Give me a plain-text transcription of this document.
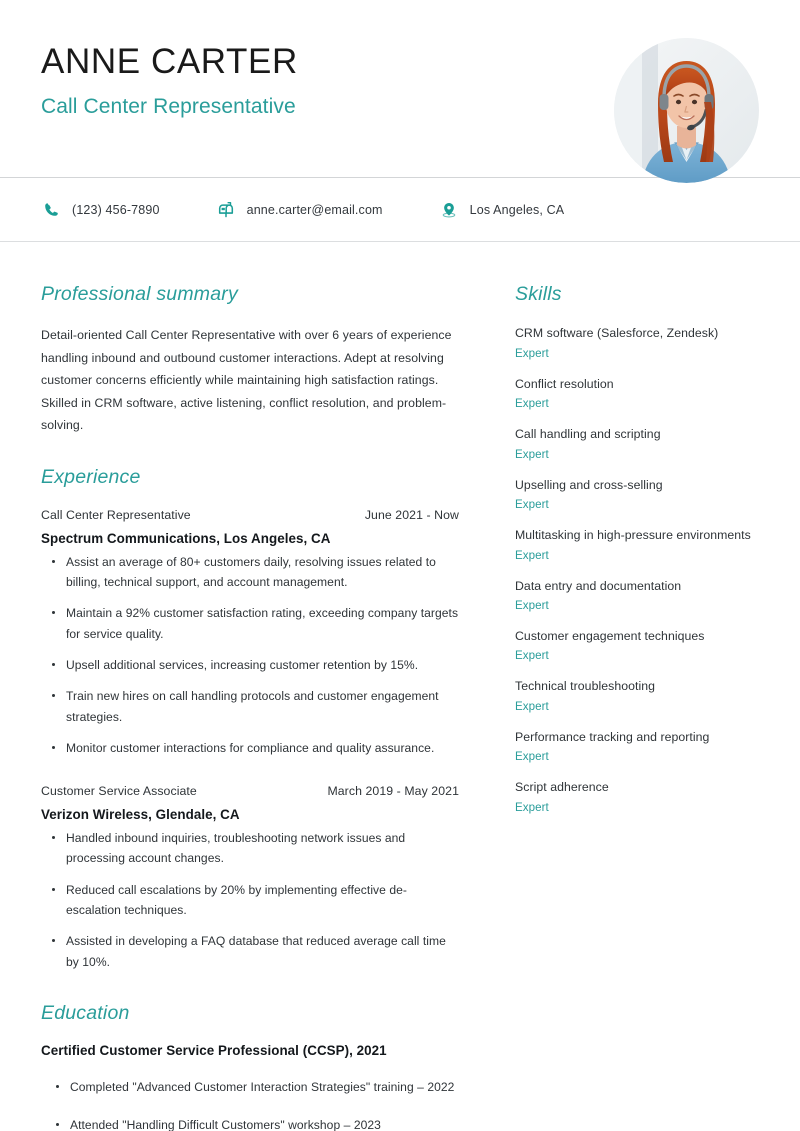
ANNE CARTER
Call Center Representative
(123) 456-7890	anne.carter@email.com	Los Angeles, CA
Professional summary

Detail-oriented Call Center Representative with over 6 years of experience handling inbound and outbound customer interactions. Adept at resolving customer concerns efficiently while maintaining high satisfaction ratings. Skilled in CRM software, active listening, conflict resolution, and problem-solving.

Experience
Call Center Representative	June 2021 - Now
Spectrum Communications, Los Angeles, CA
Assist an average of 80+ customers daily, resolving issues related to billing, technical support, and account management.
Maintain a 92% customer satisfaction rating, exceeding company targets for service quality.
Upsell additional services, increasing customer retention by 15%.
Train new hires on call handling protocols and customer engagement strategies.
Monitor customer interactions for compliance and quality assurance.
Customer Service Associate	March 2019 - May 2021
Verizon Wireless, Glendale, CA
Handled inbound inquiries, troubleshooting network issues and processing account changes.
Reduced call escalations by 20% by implementing effective de-escalation techniques.
Assisted in developing a FAQ database that reduced average call time by 10%.
Education
Certified Customer Service Professional (CCSP), 2021
Completed "Advanced Customer Interaction Strategies" training – 2022
Attended "Handling Difficult Customers" workshop – 2023
Skills
CRM software (Salesforce, Zendesk)
Expert
Conflict resolution
Expert
Call handling and scripting
Expert
Upselling and cross-selling
Expert
Multitasking in high-pressure environments
Expert
Data entry and documentation
Expert
Customer engagement techniques
Expert
Technical troubleshooting
Expert
Performance tracking and reporting
Expert
Script adherence
Expert
